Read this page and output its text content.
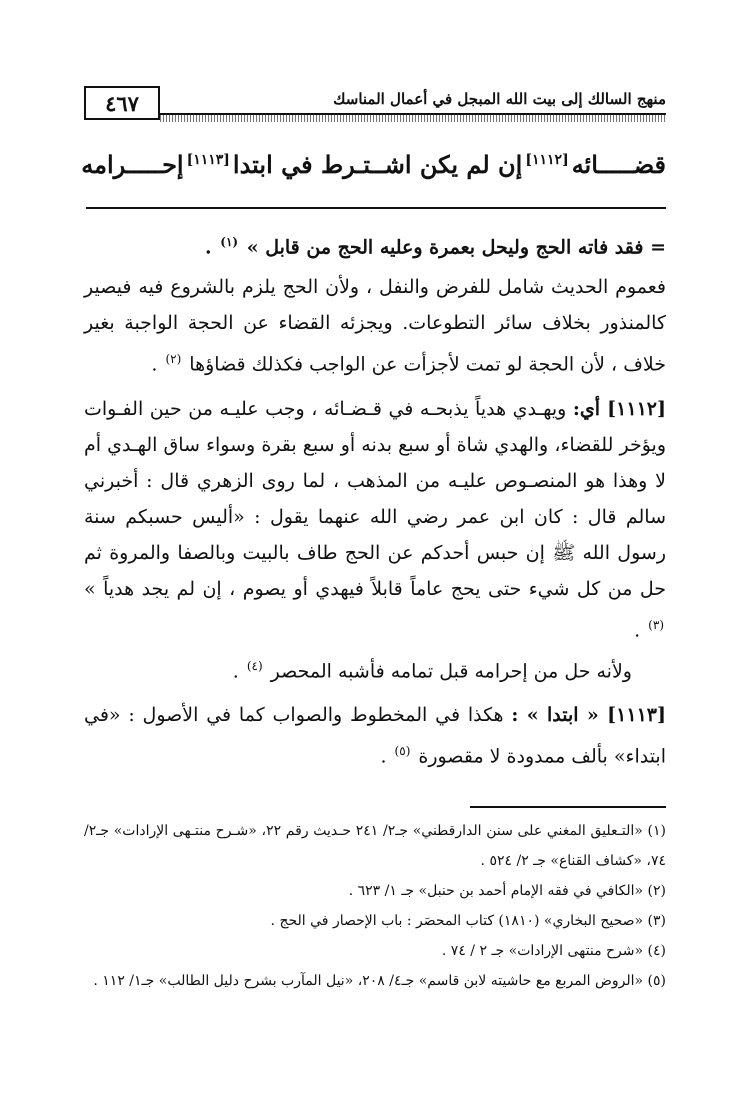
٤٦٧	منهج السالك إلى بيت الله المبجل في أعمال المناسك
قضـــــائه[١١١٢]
إن لم يكن اشــتـرط في ابتدا
[١١١٣]إحـــــرامه

= فقد فاته الحج وليحل بعمرة وعليه الحج من قابل » $^{(١)}$ .

فعموم الحديث شامل للفرض والنفل ، ولأن الحج يلزم بالشروع فيه فيصير كالمنذور بخلاف سائر التطوعات. ويجزئه القضاء عن الحجة الواجبة بغير خلاف ، لأن الحجة لو تمت لأجزأت عن الواجب فكذلك قضاؤها $^{(٢)}$ .

[١١١٢] أي: ويهـدي هدياً يذبحـه في قـضـائه ، وجب عليـه من حين الفـوات ويؤخر للقضاء، والهدي شاة أو سبع بدنه أو سبع بقرة وسواء ساق الهـدي أم لا وهذا هو المنصـوص عليـه من المذهب ، لما روى الزهري قال : أخبرني سالم قال : كان ابن عمر رضي الله عنهما يقول : «أليس حسبكم سنة رسول الله ﷺ إن حبس أحدكم عن الحج طاف بالبيت وبالصفا والمروة ثم حل من كل شيء حتى يحج عاماً قابلاً فيهدي أو يصوم ، إن لم يجد هدياً » $^{(٣)}$ .

ولأنه حل من إحرامه قبل تمامه فأشبه المحصر $^{(٤)}$ .

[١١١٣] « ابتدا » : هكذا في المخطوط والصواب كما في الأصول : «في ابتداء» بألف ممدودة لا مقصورة $^{(٥)}$ .

(١) «التـعليق المغني على سنن الدارقطني» جـ٢/ ٢٤١ حـديث رقم ٢٢، «شـرح منتـهى الإرادات» جـ٢/ ٧٤، «كشاف القناع» جـ ٢/ ٥٢٤ .

(٢) «الكافي في فقه الإمام أحمد بن حنبل» جـ ١/ ٦٢٣ .

(٣) «صحيح البخاري» (١٨١٠) كتاب المحصَر : باب الإحصار في الحج .

(٤) «شرح منتهى الإرادات» جـ ٢ / ٧٤ .

(٥) «الروض المربع مع حاشيته لابن قاسم» جـ٤/ ٢٠٨، «نيل المآرب بشرح دليل الطالب» جـ١/ ١١٢ .
